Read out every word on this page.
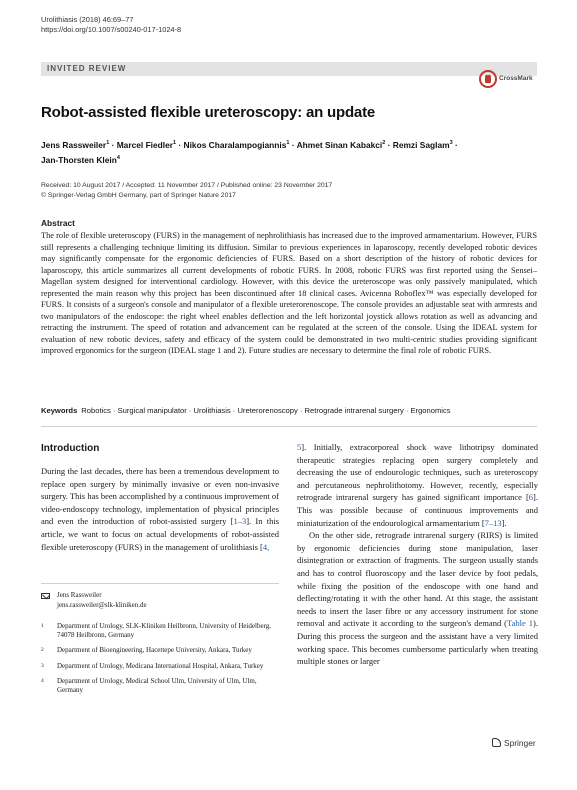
Urolithiasis (2018) 46:69–77
https://doi.org/10.1007/s00240-017-1024-8
INVITED REVIEW
CrossMark
Robot-assisted flexible ureteroscopy: an update
Jens Rassweiler$^1$ · Marcel Fiedler$^1$ · Nikos Charalampogiannis$^1$ · Ahmet Sinan Kabakci$^2$ · Remzi Saglam$^3$ ·
Jan-Thorsten Klein$^4$
Received: 10 August 2017 / Accepted: 11 November 2017 / Published online: 23 November 2017
© Springer-Verlag GmbH Germany, part of Springer Nature 2017
Abstract
The role of flexible ureteroscopy (FURS) in the management of nephrolithiasis has increased due to the improved armamentarium. However, FURS still represents a challenging technique limiting its diffusion. Similar to previous experiences in laparoscopy, recently developed robotic devices may significantly compensate for the ergonomic deficiencies of FURS. Based on a short description of the history of robotic devices for laparoscopy, this article summarizes all current developments of robotic FURS. In 2008, robotic FURS was first reported using the Sensei–Magellan system designed for interventional cardiology. However, with this device the ureteroscope was only passively manipulated, which represented the main reason why this project has been discontinued after 18 clinical cases. Avicenna Roboflex™ was especially developed for FURS. It consists of a surgeon's console and manipulator of a flexible ureterorenoscope. The console provides an adjustable seat with armrests and two manipulators of the endoscope: the right wheel enables deflection and the left horizontal joystick allows rotation as well as advancing and retracting the instrument. The speed of rotation and advancement can be regulated at the screen of the console. Using the IDEAL system for evaluation of new robotic devices, safety and efficacy of the system could be demonstrated in two multi-centric studies providing significant improved ergonomics for the surgeon (IDEAL stage 1 and 2). Future studies are necessary to determine the final role of robotic FURS.
Keywords Robotics · Surgical manipulator · Urolithiasis · Ureterorenoscopy · Retrograde intrarenal surgery · Ergonomics
Introduction

During the last decades, there has been a tremendous development to replace open surgery by minimally invasive or even non-invasive surgery. This has been accomplished by a continuous improvement of video-endoscopy technology, implementation of physical principles and even the introduction of robot-assisted surgery [1–3]. In this article, we want to focus on actual developments of robot-assisted flexible ureteroscopy (FURS) in the management of urolithiasis [4,

5]. Initially, extracorporeal shock wave lithotripsy dominated therapeutic strategies replacing open surgery completely and decreasing the use of endourologic techniques, such as ureteroscopy and percutaneous nephrolithotomy. However, recently, especially retrograde intrarenal surgery has gained significant importance [6]. This was possible because of continuous improvements and miniaturization of the endourological armamentarium [7–13].

On the other side, retrograde intrarenal surgery (RIRS) is limited by ergonomic deficiencies during stone manipulation, laser disintegration or extraction of fragments. The surgeon usually stands and has to control fluoroscopy and the laser device by foot pedals, while fixing the position of the endoscope with one hand and deflecting/rotating it with the other hand. At this stage, the assistant needs to insert the laser fibre or any accessory instrument for stone removal and activate it according to the surgeon's demand (Table 1). During this process the surgeon and the assistant have a very limited working space. This becomes cumbersome particularly when treating multiple stones or larger

Jens Rassweiler
jens.rassweiler@slk-kliniken.de
1 Department of Urology, SLK-Kliniken Heilbronn, University of Heidelberg, 74078 Heilbronn, Germany
2 Department of Bioengineering, Hacettepe University, Ankara, Turkey
3 Department of Urology, Medicana International Hospital, Ankara, Turkey
4 Department of Urology, Medical School Ulm, University of Ulm, Ulm, Germany
Springer
